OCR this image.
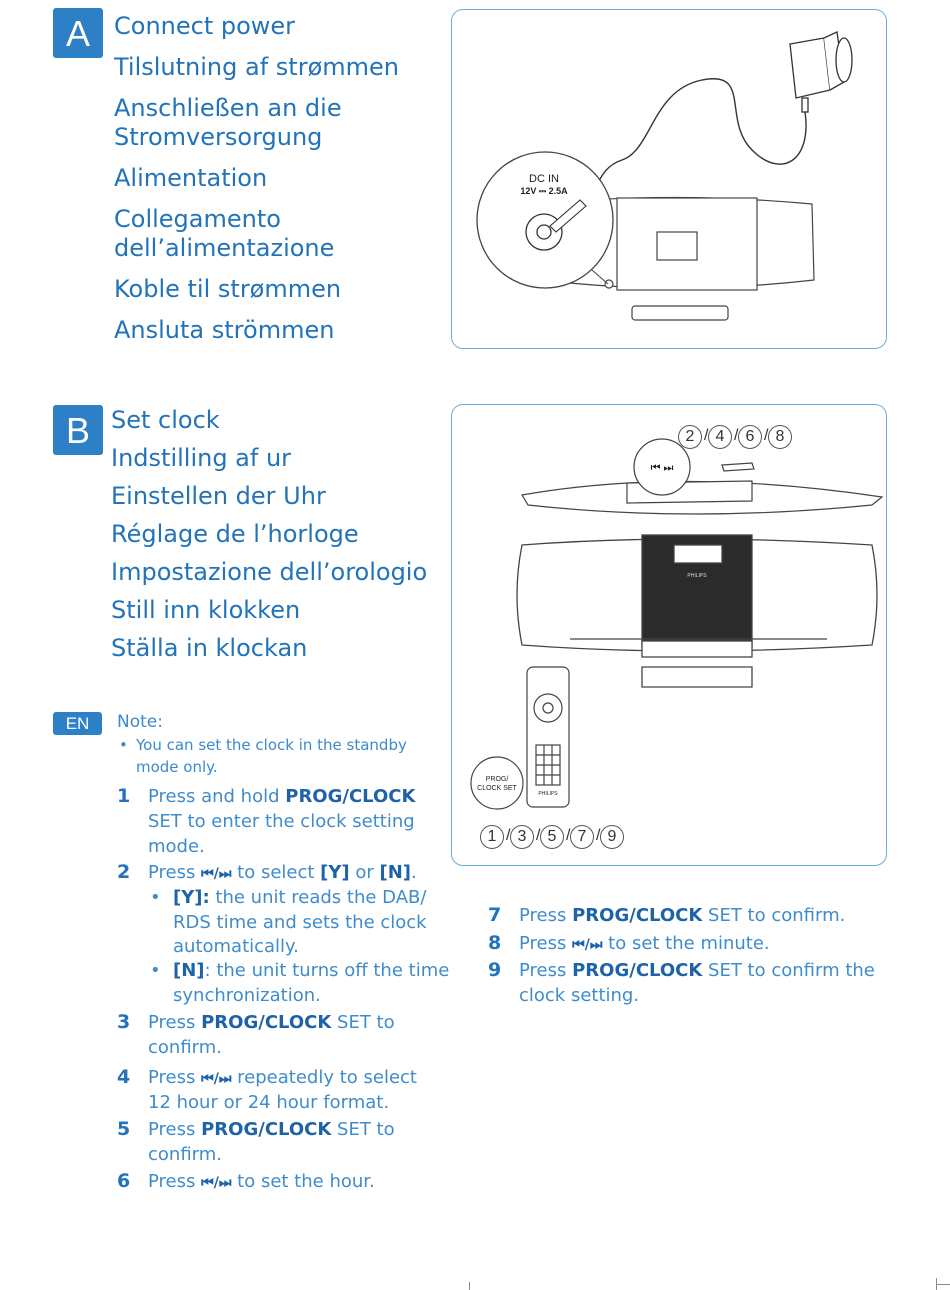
A	Connect power
Tilslutning af strømmen
Anschließen an die
Stromversorgung
Alimentation
Collegamento
dell’alimentazione
Koble til strømmen
Ansluta strömmen
DC IN
12V ⎓ 2.5A
B Set clock
Indstilling af ur
Einstellen der Uhr
Réglage de l’horloge
Impostazione dell’orologio
Still inn klokken
Ställa in klockan
⏮ ⏭
PHILIPS
PHILIPS
PROG/
CLOCK SET
2 / 4 / 6 / 8
1 / 3 / 5 / 7 / 9
EN	Note:
• You can set the clock in the standby
mode only.
1 Press and hold PROG/CLOCK
SET to enter the clock setting
mode.
2 Press ⏮/⏭ to select [Y] or [N].
• [Y]: the unit reads the DAB/
RDS time and sets the clock
automatically.
• [N]: the unit turns off the time
synchronization.
3 Press PROG/CLOCK SET to
confirm.
4 Press ⏮/⏭ repeatedly to select
12 hour or 24 hour format.
5 Press PROG/CLOCK SET to
confirm.
6 Press ⏮/⏭ to set the hour.
7 Press PROG/CLOCK SET to confirm.
8 Press ⏮/⏭ to set the minute.
9 Press PROG/CLOCK SET to confirm the
clock setting.
